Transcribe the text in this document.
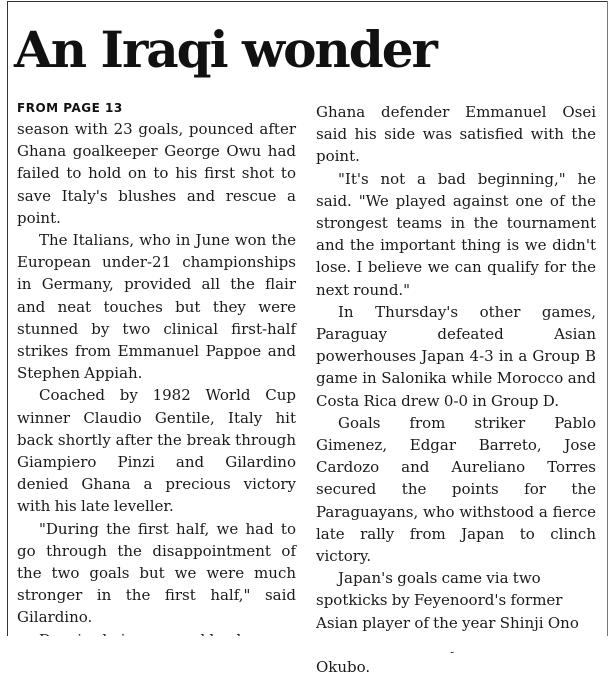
An Iraqi wonder
FROM PAGE 13

season with 23 goals, pounced after Ghana goalkeeper George Owu had failed to hold on to his first shot to save Italy's blushes and rescue a point.

The Italians, who in June won the European under-21 championships in Germany, provided all the flair and neat touches but they were stunned by two clinical first-half strikes from Emmanuel Pappoe and Stephen Appiah.

Coached by 1982 World Cup winner Claudio Gentile, Italy hit back shortly after the break through Giampiero Pinzi and Gilardino denied Ghana a precious victory with his late leveller.

"During the first half, we had to go through the disappointment of the two goals but we were much stronger in the first half," said Gilardino.

Ghana defender Emmanuel Osei said his side was satisfied with the point.

"It's not a bad beginning," he said. "We played against one of the strongest teams in the tournament and the important thing is we didn't lose. I believe we can qualify for the next round."

In Thursday's other games, Paraguay defeated Asian powerhouses Japan 4-3 in a Group B game in Salonika while Morocco and Costa Rica drew 0-0 in Group D.

Goals from striker Pablo Gimenez, Edgar Barreto, Jose Cardozo and Aureliano Torres secured the points for the Paraguayans, who withstood a fierce late rally from Japan to clinch victory.

Japan's goals came via two spotkicks by Feyenoord's former Asian player of the year Shinji Ono Okubo.
